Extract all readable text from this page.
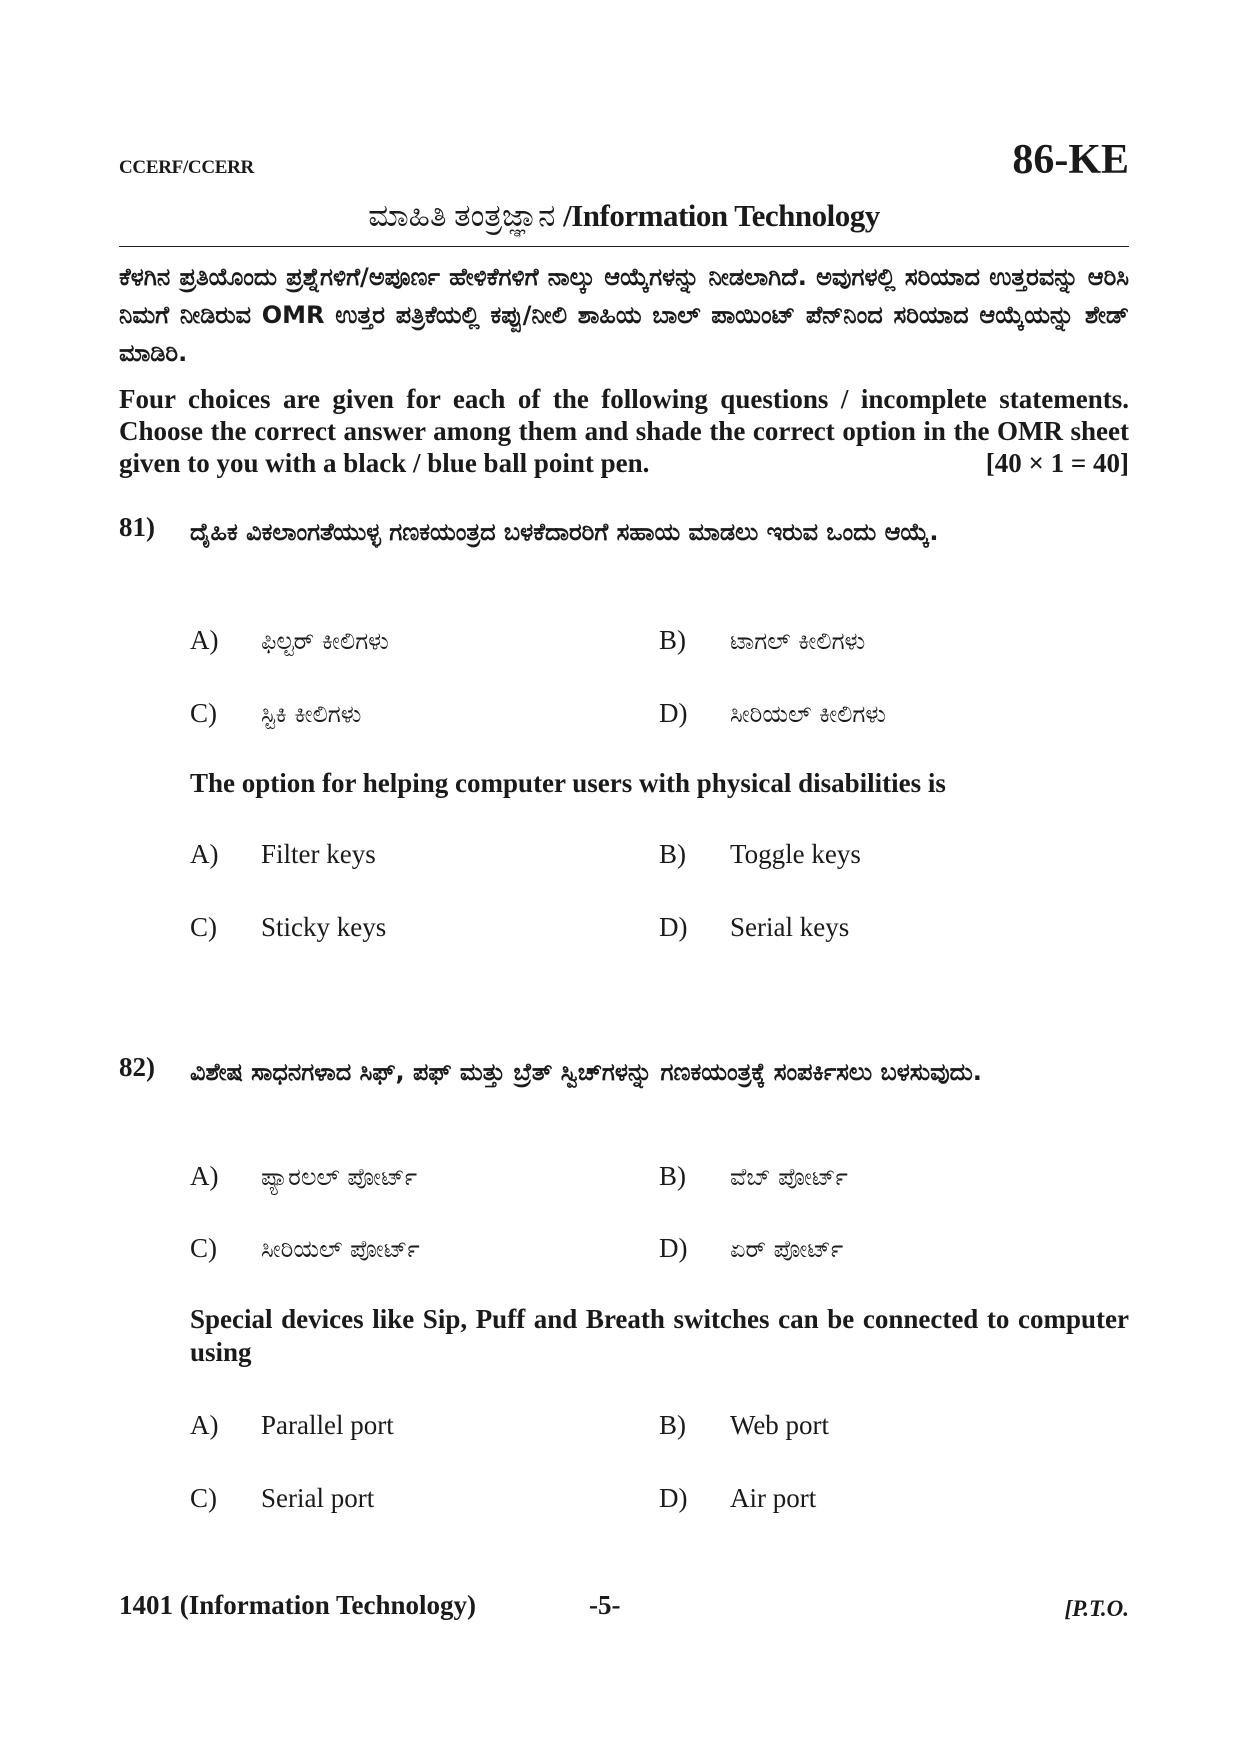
CCERF/CCERR	86-KE
ಮಾಹಿತಿ ತಂತ್ರಜ್ಞಾನ /Information Technology
ಕೆಳಗಿನ ಪ್ರತಿಯೊಂದು ಪ್ರಶ್ನೆಗಳಿಗೆ/ಅಪೂರ್ಣ ಹೇಳಿಕೆಗಳಿಗೆ ನಾಲ್ಕು ಆಯ್ಕೆಗಳನ್ನು ನೀಡಲಾಗಿದೆ. ಅವುಗಳಲ್ಲಿ ಸರಿಯಾದ ಉತ್ತರವನ್ನು ಆರಿಸಿ ನಿಮಗೆ ನೀಡಿರುವ OMR ಉತ್ತರ ಪತ್ರಿಕೆಯಲ್ಲಿ ಕಪ್ಪು/ನೀಲಿ ಶಾಹಿಯ ಬಾಲ್ ಪಾಯಿಂಟ್ ಪೆನ್‌ನಿಂದ ಸರಿಯಾದ ಆಯ್ಕೆಯನ್ನು ಶೇಡ್ ಮಾಡಿರಿ.
Four choices are given for each of the following questions / incomplete statements. Choose the correct answer among them and shade the correct option in the OMR sheet given to you with a black / blue ball point pen.	[40 × 1 = 40]
81) ದೈಹಿಕ ವಿಕಲಾಂಗತೆಯುಳ್ಳ ಗಣಕಯಂತ್ರದ ಬಳಕೆದಾರರಿಗೆ ಸಹಾಯ ಮಾಡಲು ಇರುವ ಒಂದು ಆಯ್ಕೆ.
A) ಫಿಲ್ಟರ್ ಕೀಲಿಗಳು	B) ಟಾಗಲ್ ಕೀಲಿಗಳು
C) ಸ್ಟಿಕಿ ಕೀಲಿಗಳು	D) ಸೀರಿಯಲ್ ಕೀಲಿಗಳು
The option for helping computer users with physical disabilities is
A) Filter keys	B) Toggle keys
C) Sticky keys	D) Serial keys
82) ವಿಶೇಷ ಸಾಧನಗಳಾದ ಸಿಫ್, ಪಫ್ ಮತ್ತು ಬ್ರೆತ್ ಸ್ವಿಚ್‌ಗಳನ್ನು ಗಣಕಯಂತ್ರಕ್ಕೆ ಸಂಪರ್ಕಿಸಲು ಬಳಸುವುದು.
A) ಪ್ಯಾರಲಲ್ ಪೋರ್ಟ್	B) ವೆಬ್ ಪೋರ್ಟ್
C) ಸೀರಿಯಲ್ ಪೋರ್ಟ್	D) ಏರ್ ಪೋರ್ಟ್
Special devices like Sip, Puff and Breath switches can be connected to computer using
A) Parallel port	B) Web port
C) Serial port	D) Air port
1401 (Information Technology)	-5-	[P.T.O.
